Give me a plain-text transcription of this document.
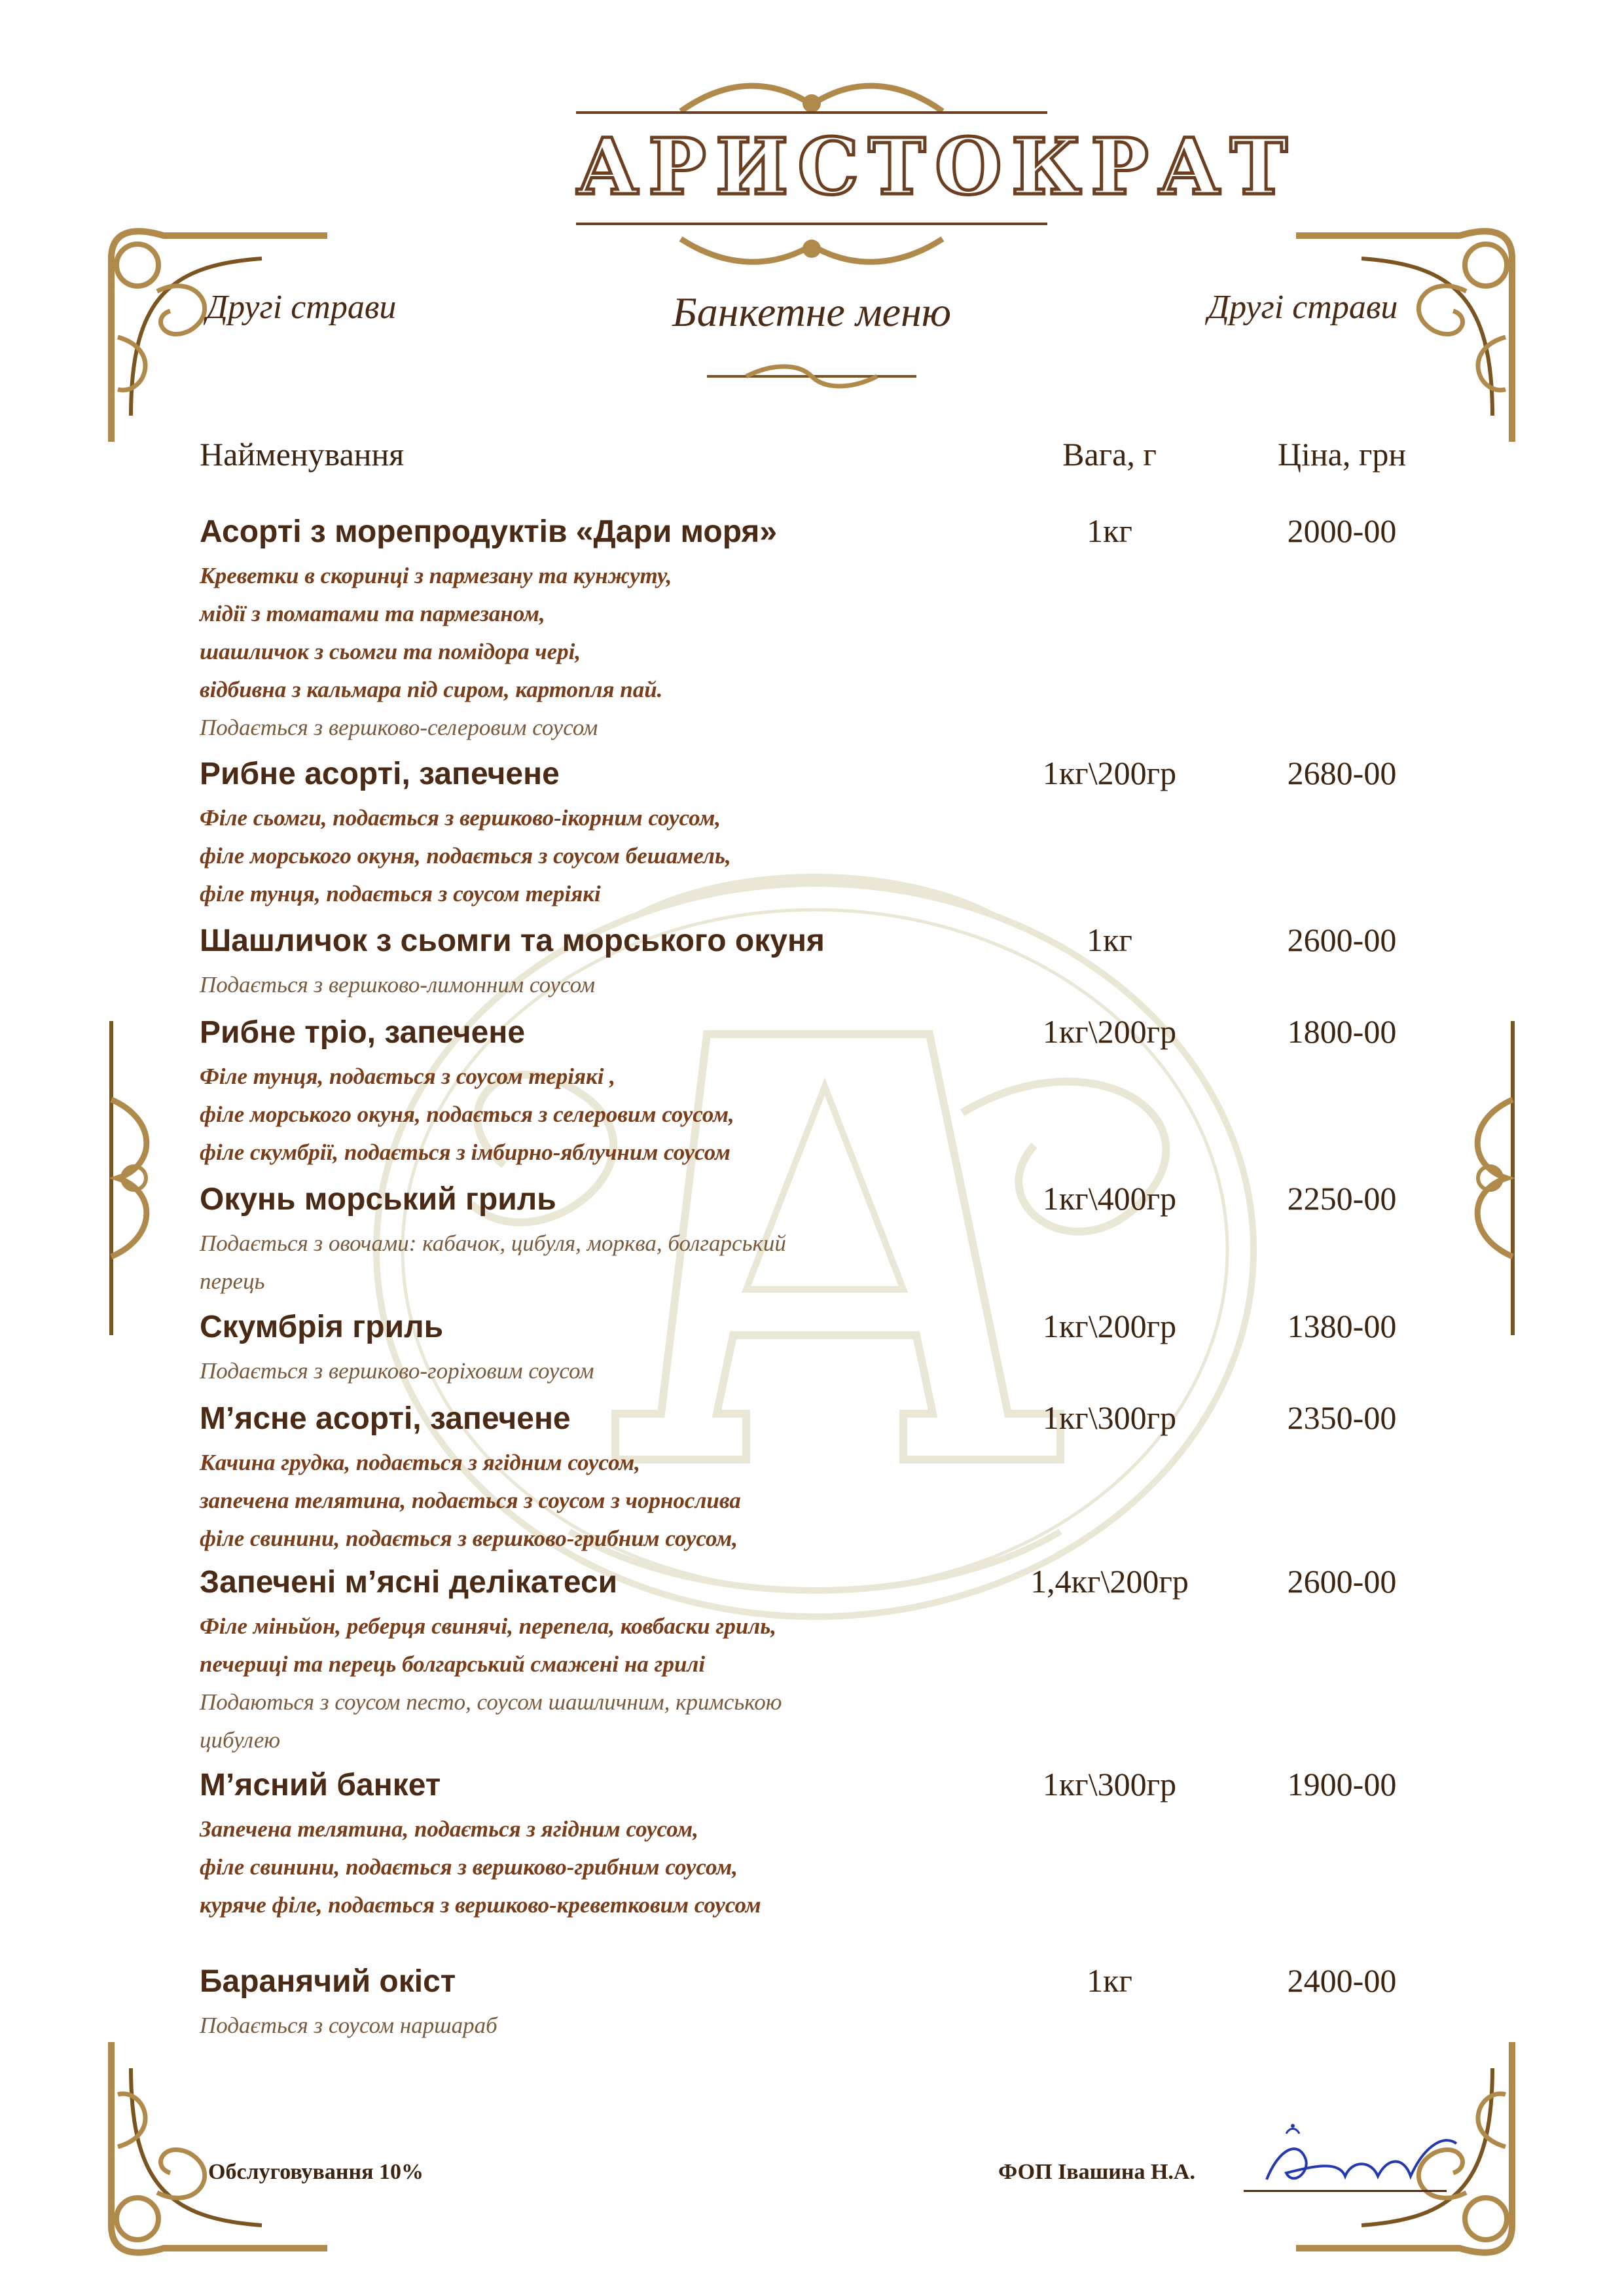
АРИСТОКРАТ
Другі страви	Другі страви
Банкетне меню
Найменування	Вага, г	Ціна, грн
Асорті з морепродуктів «Дари моря»	1кг	2000-00
Креветки в скоринці з пармезану та кунжуту,
мідії з томатами та пармезаном,
шашличок з сьомги та помідора чері,
відбивна з кальмара під сиром, картопля пай.
Подається з вершково-селеровим соусом
Рибне асорті, запечене	1кг\200гр	2680-00
Філе сьомги, подається з вершково-ікорним соусом,
філе морського окуня, подається з соусом бешамель,
філе тунця, подається з соусом теріякі
Шашличок з сьомги та морського окуня	1кг	2600-00
Подається з вершково-лимонним соусом
Рибне тріо, запечене	1кг\200гр	1800-00
Філе тунця, подається з соусом теріякі ,
філе морського окуня, подається з селеровим соусом,
філе скумбрії, подається з імбирно-яблучним соусом
Окунь морський гриль	1кг\400гр	2250-00
Подається з овочами: кабачок, цибуля, морква, болгарський
перець
Скумбрія гриль	1кг\200гр	1380-00
Подається з вершково-горіховим соусом
М’ясне асорті, запечене	1кг\300гр	2350-00
Качина грудка, подається з ягідним соусом,
запечена телятина, подається з соусом з чорнослива
філе свинини, подається з вершково-грибним соусом,
Запечені м’ясні делікатеси	1,4кг\200гр	2600-00
Філе міньйон, реберця свинячі, перепела, ковбаски гриль,
печериці та перець болгарський смажені на грилі
Подаються з соусом песто, соусом шашличним, кримською
цибулею
М’ясний банкет	1кг\300гр	1900-00
Запечена телятина, подається з ягідним соусом,
філе свинини, подається з вершково-грибним соусом,
куряче філе, подається з вершково-креветковим соусом
Баранячий окіст	1кг	2400-00
Подається з соусом наршараб
Обслуговування 10%	ФОП Івашина Н.А.
